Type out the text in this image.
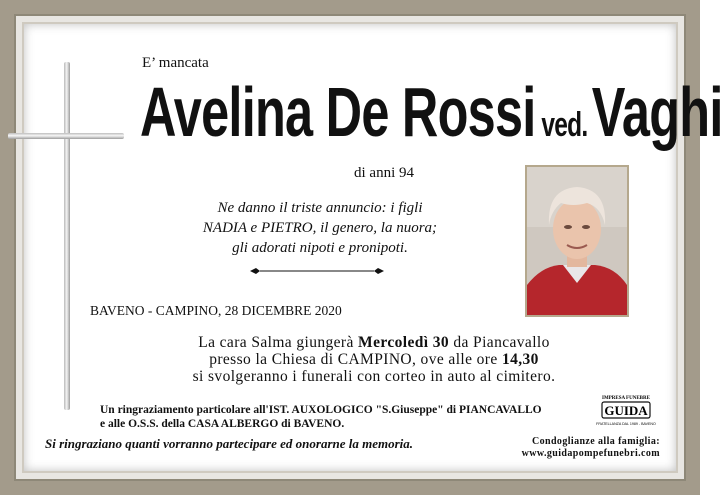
E’ mancata
Avelina De Rossi ved.Vaghi
di anni 94
Ne danno il triste annuncio: i figli
NADIA e PIETRO, il genero, la nuora;
gli adorati nipoti e pronipoti.
BAVENO - CAMPINO, 28 DICEMBRE 2020
La cara Salma giungerà Mercoledì 30 da Piancavallo
presso la Chiesa di CAMPINO, ove alle ore 14,30
si svolgeranno i funerali con corteo in auto al cimitero.
Un ringraziamento particolare all'IST. AUXOLOGICO "S.Giuseppe" di PIANCAVALLO
e alle O.S.S. della CASA ALBERGO di BAVENO.
Si ringraziano quanti vorranno partecipare ed onorarne la memoria.
IMPRESA FUNEBRE
GUIDA
FRATELLANZA DAL 1989 - BAVENO
Condoglianze alla famiglia:
www.guidapompefunebri.com
